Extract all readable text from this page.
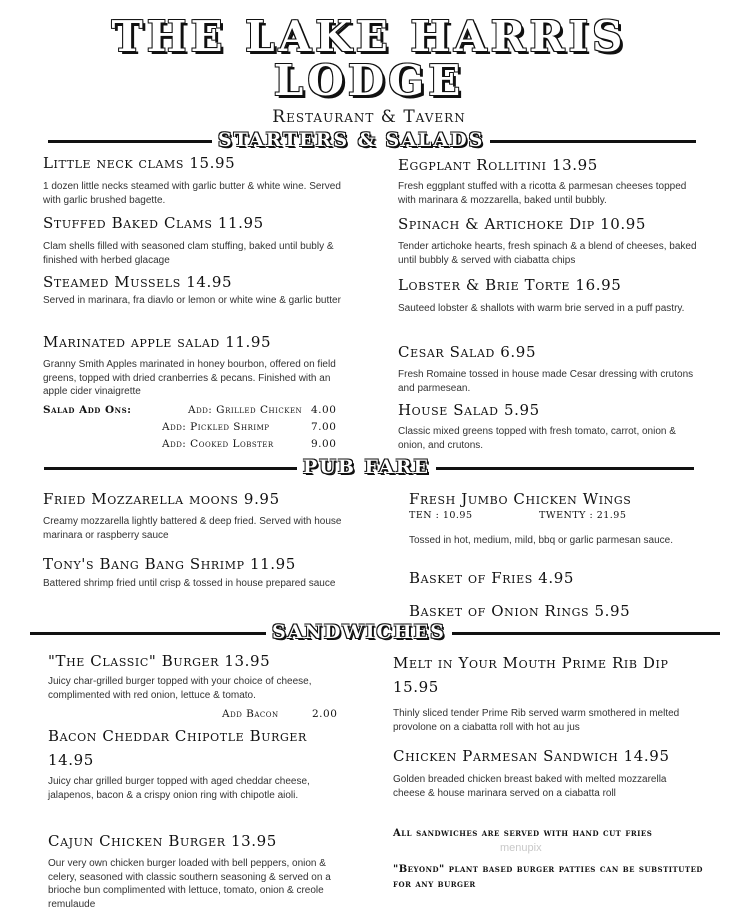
THE LAKE HARRIS
LODGE
Restaurant & Tavern
STARTERS & SALADS
Little neck clams 15.95
1 dozen little necks steamed with garlic butter & white wine. Served with garlic brushed bagette.
Stuffed Baked Clams 11.95
Clam shells filled with seasoned clam stuffing, baked until bubly & finished with herbed glacage
Steamed Mussels 14.95
Served in marinara, fra diavlo or lemon or white wine & garlic butter
Marinated apple salad 11.95
Granny Smith Apples marinated in honey bourbon, offered on field greens, topped with dried cranberries & pecans. Finished with an apple cider vinaigrette
Salad Add Ons:	Add: Grilled Chicken 4.00
Add: Pickled Shrimp	7.00
Add: Cooked Lobster	9.00
Eggplant Rollitini 13.95
Fresh eggplant stuffed with a ricotta & parmesan cheeses topped with marinara & mozzarella, baked until bubbly.
Spinach & Artichoke Dip 10.95
Tender artichoke hearts, fresh spinach & a blend of cheeses, baked until bubbly & served with ciabatta chips
Lobster & Brie Torte 16.95
Sauteed lobster & shallots with warm brie served in a puff pastry.
Cesar Salad 6.95
Fresh Romaine tossed in house made Cesar dressing with crutons and parmesean.
House Salad 5.95
Classic mixed greens topped with fresh tomato, carrot, onion & onion, and crutons.
PUB FARE
Fried Mozzarella moons 9.95
Creamy mozzarella lightly battered & deep fried. Served with house marinara or raspberry sauce
Tony's Bang Bang Shrimp 11.95
Battered shrimp fried until crisp & tossed in house prepared sauce
Fresh Jumbo Chicken Wings
TEN : 10.95	TWENTY : 21.95
Tossed in hot, medium, mild, bbq or garlic parmesan sauce.
Basket of Fries 4.95
Basket of Onion Rings 5.95
SANDWICHES
"The Classic" Burger 13.95
Juicy char-grilled burger topped with your choice of cheese, complimented with red onion, lettuce & tomato.
Add Bacon	2.00
Bacon Cheddar Chipotle Burger
14.95
Juicy char grilled burger topped with aged cheddar cheese, jalapenos, bacon & a crispy onion ring with chipotle aioli.
Cajun Chicken Burger 13.95
Our very own chicken burger loaded with bell peppers, onion & celery, seasoned with classic southern seasoning & served on a brioche bun complimented with lettuce, tomato, onion & creole remulaude
Melt in Your Mouth Prime Rib Dip
15.95
Thinly sliced tender Prime Rib served warm smothered in melted provolone on a ciabatta roll with hot au jus
Chicken Parmesan Sandwich 14.95
Golden breaded chicken breast baked with melted mozzarella cheese & house marinara served on a ciabatta roll
All sandwiches are served with hand cut fries
"Beyond" plant based burger patties can be substituted for any burger
menupix
